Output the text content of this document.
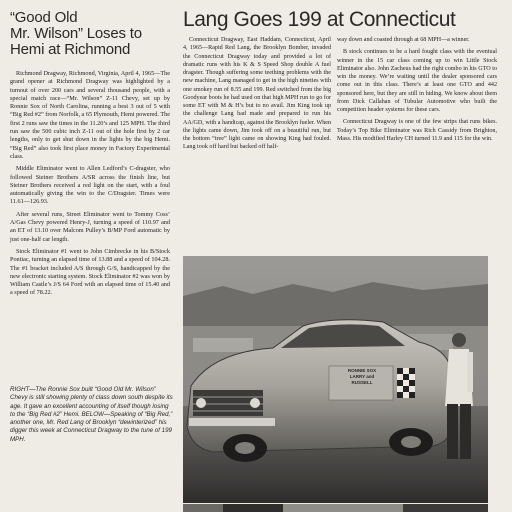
“Good Old
Mr. Wilson” Loses to
Hemi at Richmond

Richmond Dragway, Richmond, Virginia, April 4, 1965—The grand opener at Richmond Dragway was highlighted by a turnout of over 200 cars and several thousand people, with a special match race—“Mr. Wilson” Z-11 Chevy, set up by Ronnie Sox of North Carolina, running a best 3 out of 5 with “Big Red #2” from Norfolk, a 65 Plymouth, Hemi powered. The first 2 runs saw the times in the 11.20’s and 125 MPH. The third run saw the 500 cubic inch Z-11 out of the hole first by 2 car lengths, only to get shut down in the lights by the big Hemi. “Big Red” also took first place money in Factory Experimental class.

Middle Eliminator went to Allen Ledford’s C-dragster, who followed Steiner Brothers A/SR across the finish line, but Steiner Brothers received a red light on the start, with a foul automatically giving the win to the C/Dragster. Times were 11.61—126.93.

After several runs, Street Eliminator went to Tommy Coss’ A/Gas Chevy powered Henry-J, turning a speed of 110.97 and an ET of 13.10 over Malcom Pulley’s B/MP Ford automatic by just one-half car length.

Stock Eliminator #1 went to John Cimbrecke in his B/Stock Pontiac, turning an elapsed time of 13.88 and a speed of 104.28. The #1 bracket included A/S through G/S, handicapped by the new electronic starting system. Stock Eliminator #2 was won by William Castle’s J/S 64 Ford with an elapsed time of 15.40 and a speed of 78.22.

Lang Goes 199 at Connecticut

Connecticut Dragway, East Haddam, Connecticut, April 4, 1965—Rapid Red Lang, the Brooklyn Bomber, invaded the Connecticut Dragway today and provided a lot of dramatic runs with his K & S Speed Shop double A fuel dragster. Though suffering some teething problems with the new machine, Lang managed to get in the high nineties with one smokey run of 8.55 and 199. Red switched from the big Goodyear boots he had used on that high MPH run to go for some ET with M & H’s but to no avail. Jim King took up the challenge Lang had made and prepared to run his AA/GD, with a handicap, against the Brooklyn fueler. When the lights came down, Jim took off on a beautiful run, but the bottom “tree” light came on showing King had fouled. Lang took off hard but backed off half-

way down and coasted through at 68 MPH—a winner.

B stock continues to be a hard fought class with the eventual winner in the 15 car class coming up to win Little Stock Eliminator also. John Zacheus had the right combo in his GTO to win the money. We’re waiting until the dealer sponsored cars come out in this class. There’s at least one GTO and 442 sponsored here, but they are still in hiding. We know about them from Dick Callahan of Tubular Automotive who built the competition header systems for these cars.

Connecticut Dragway is one of the few strips that runs bikes. Today’s Top Bike Eliminator was Rich Cassidy from Brighton, Mass. His modified Harley CH turned 11.9 and 115 for the win.

RONNIE SOX
LARRY and
RUSSELL

RIGHT—The Ronnie Sox built “Good Old Mr. Wilson” Chevy is still showing plenty of class down south despite its age. It gave an excellent accounting of itself though losing to the “Big Red #2” Hemi. BELOW—Speaking of “Big Red,” another one, Mr. Red Lang of Brooklyn “dewinterized” his digger this week at Connecticut Dragway to the tune of 199 MPH.
